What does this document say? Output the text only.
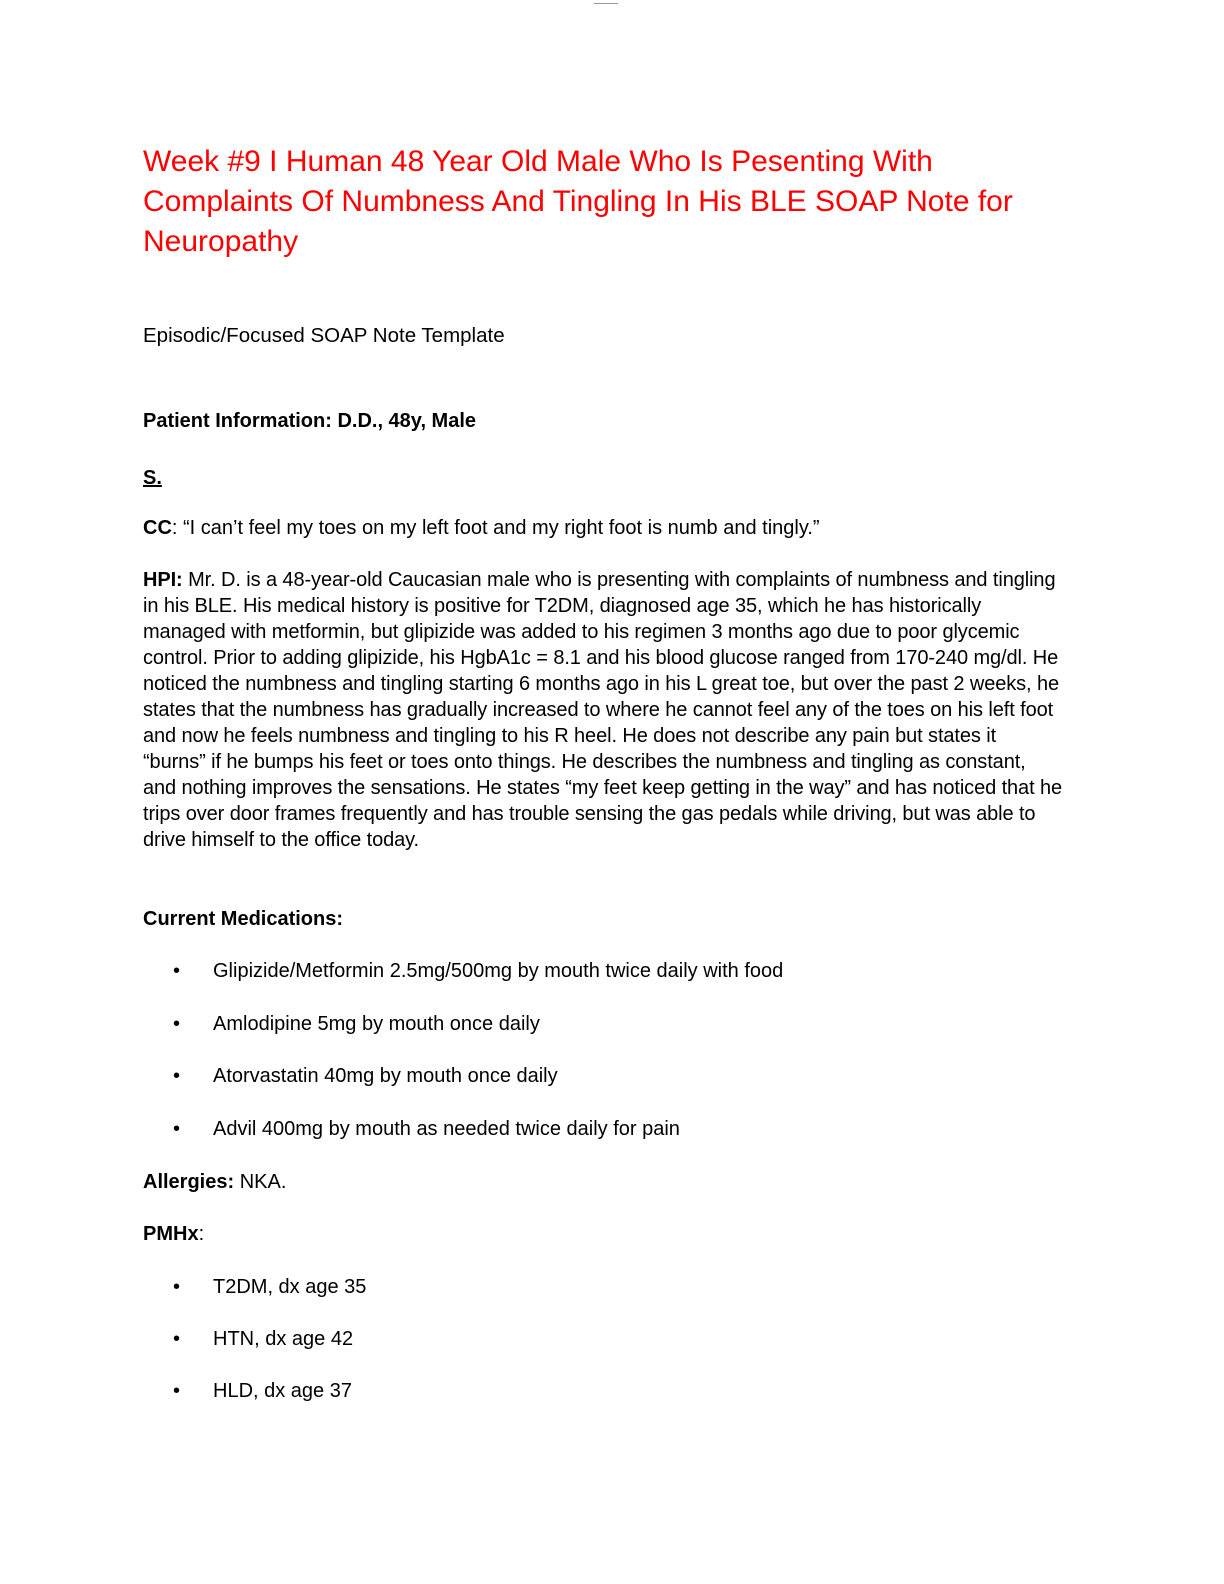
Week #9 I Human 48 Year Old Male Who Is Pesenting With Complaints Of Numbness And Tingling In His BLE SOAP Note for Neuropathy

Episodic/Focused SOAP Note Template

Patient Information: D.D., 48y, Male

S.

CC: “I can’t feel my toes on my left foot and my right foot is numb and tingly.”

HPI: Mr. D. is a 48-year-old Caucasian male who is presenting with complaints of numbness and tingling in his BLE. His medical history is positive for T2DM, diagnosed age 35, which he has historically managed with metformin, but glipizide was added to his regimen 3 months ago due to poor glycemic control. Prior to adding glipizide, his HgbA1c = 8.1 and his blood glucose ranged from 170-240 mg/dl. He noticed the numbness and tingling starting 6 months ago in his L great toe, but over the past 2 weeks, he states that the numbness has gradually increased to where he cannot feel any of the toes on his left foot and now he feels numbness and tingling to his R heel. He does not describe any pain but states it “burns” if he bumps his feet or toes onto things. He describes the numbness and tingling as constant, and nothing improves the sensations. He states “my feet keep getting in the way” and has noticed that he trips over door frames frequently and has trouble sensing the gas pedals while driving, but was able to drive himself to the office today.

Current Medications:

•	Glipizide/Metformin 2.5mg/500mg by mouth twice daily with food
•	Amlodipine 5mg by mouth once daily
•	Atorvastatin 40mg by mouth once daily
•	Advil 400mg by mouth as needed twice daily for pain

Allergies: NKA.

PMHx:

•	T2DM, dx age 35
•	HTN, dx age 42
•	HLD, dx age 37
